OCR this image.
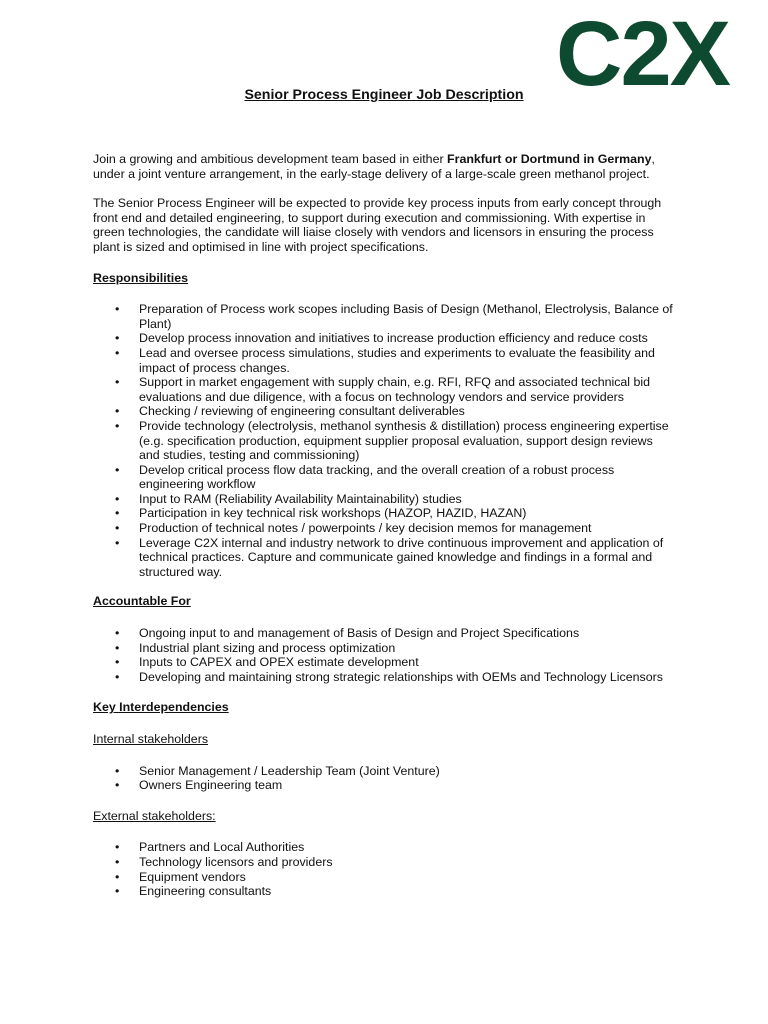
C2X
Senior Process Engineer Job Description

Join a growing and ambitious development team based in either Frankfurt or Dortmund in Germany, under a joint venture arrangement, in the early-stage delivery of a large-scale green methanol project.

The Senior Process Engineer will be expected to provide key process inputs from early concept through front end and detailed engineering, to support during execution and commissioning. With expertise in green technologies, the candidate will liaise closely with vendors and licensors in ensuring the process plant is sized and optimised in line with project specifications.

Responsibilities
• Preparation of Process work scopes including Basis of Design (Methanol, Electrolysis, Balance of Plant)
• Develop process innovation and initiatives to increase production efficiency and reduce costs
• Lead and oversee process simulations, studies and experiments to evaluate the feasibility and impact of process changes.
• Support in market engagement with supply chain, e.g. RFI, RFQ and associated technical bid evaluations and due diligence, with a focus on technology vendors and service providers
• Checking / reviewing of engineering consultant deliverables
• Provide technology (electrolysis, methanol synthesis & distillation) process engineering expertise (e.g. specification production, equipment supplier proposal evaluation, support design reviews and studies, testing and commissioning)
• Develop critical process flow data tracking, and the overall creation of a robust process engineering workflow
• Input to RAM (Reliability Availability Maintainability) studies
• Participation in key technical risk workshops (HAZOP, HAZID, HAZAN)
• Production of technical notes / powerpoints / key decision memos for management
• Leverage C2X internal and industry network to drive continuous improvement and application of technical practices. Capture and communicate gained knowledge and findings in a formal and structured way.
Accountable For
• Ongoing input to and management of Basis of Design and Project Specifications
• Industrial plant sizing and process optimization
• Inputs to CAPEX and OPEX estimate development
• Developing and maintaining strong strategic relationships with OEMs and Technology Licensors
Key Interdependencies
Internal stakeholders
• Senior Management / Leadership Team (Joint Venture)
• Owners Engineering team
External stakeholders:
• Partners and Local Authorities
• Technology licensors and providers
• Equipment vendors
• Engineering consultants
